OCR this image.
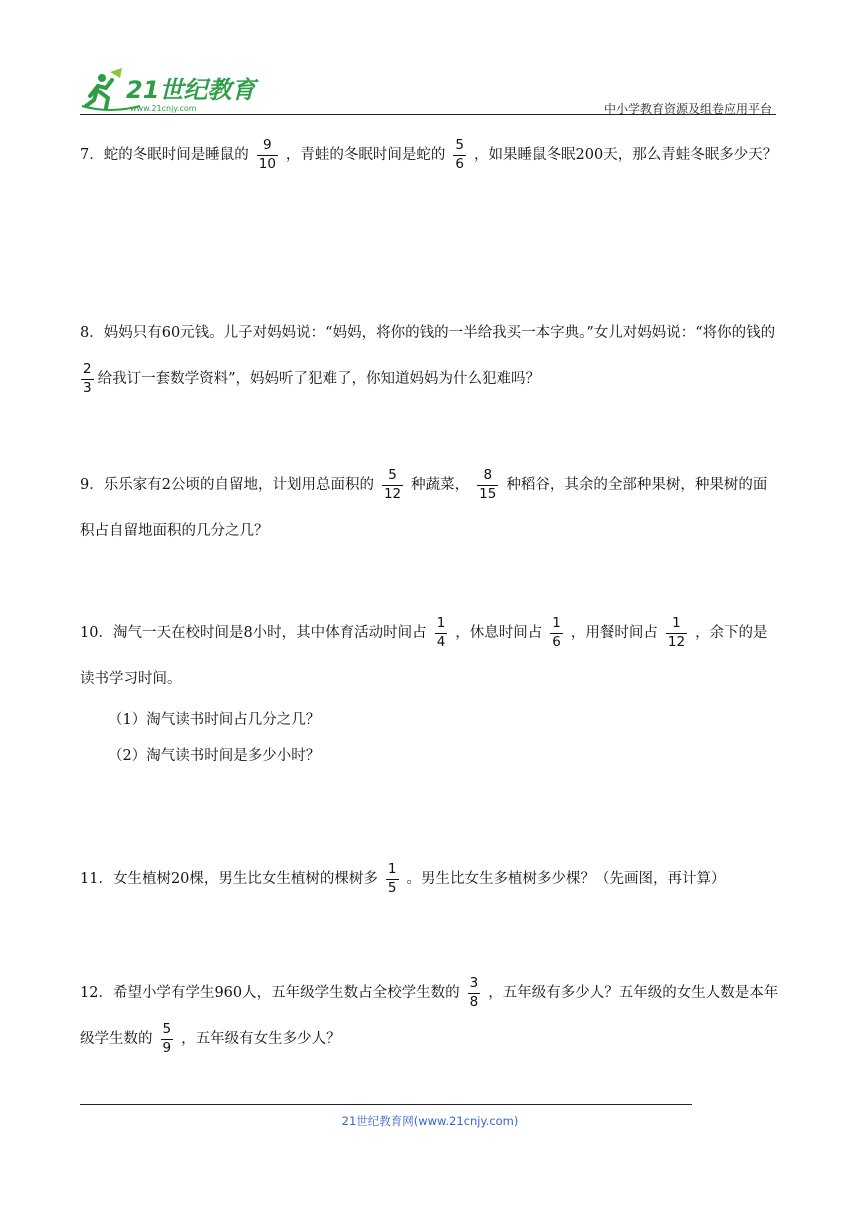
21世纪教育
www.21cnjy.com	中小学教育资源及组卷应用平台

7．蛇的冬眠时间是睡鼠的 $\frac{9}{10}$ ，青蛙的冬眠时间是蛇的 $\frac{5}{6}$ ，如果睡鼠冬眠200天，那么青蛙冬眠多少天？

8．妈妈只有60元钱。儿子对妈妈说：“妈妈，将你的钱的一半给我买一本字典。”女儿对妈妈说：“将你的钱的
$\frac{2}{3}$ 给我订一套数学资料”，妈妈听了犯难了，你知道妈妈为什么犯难吗？

9．乐乐家有2公顷的自留地，计划用总面积的 $\frac{5}{12}$ 种蔬菜， $\frac{8}{15}$ 种稻谷，其余的全部种果树，种果树的面积占自留地面积的几分之几？

10．淘气一天在校时间是8小时，其中体育活动时间占 $\frac{1}{4}$ ，休息时间占 $\frac{1}{6}$ ，用餐时间占 $\frac{1}{12}$ ，余下的是读书学习时间。

（1）淘气读书时间占几分之几？

（2）淘气读书时间是多少小时？

11．女生植树20棵，男生比女生植树的棵树多 $\frac{1}{5}$ 。男生比女生多植树多少棵？（先画图，再计算）

12．希望小学有学生960人，五年级学生数占全校学生数的 $\frac{3}{8}$ ，五年级有多少人？五年级的女生人数是本年级学生数的 $\frac{5}{9}$ ，五年级有女生多少人？

21世纪教育网(www.21cnjy.com)
